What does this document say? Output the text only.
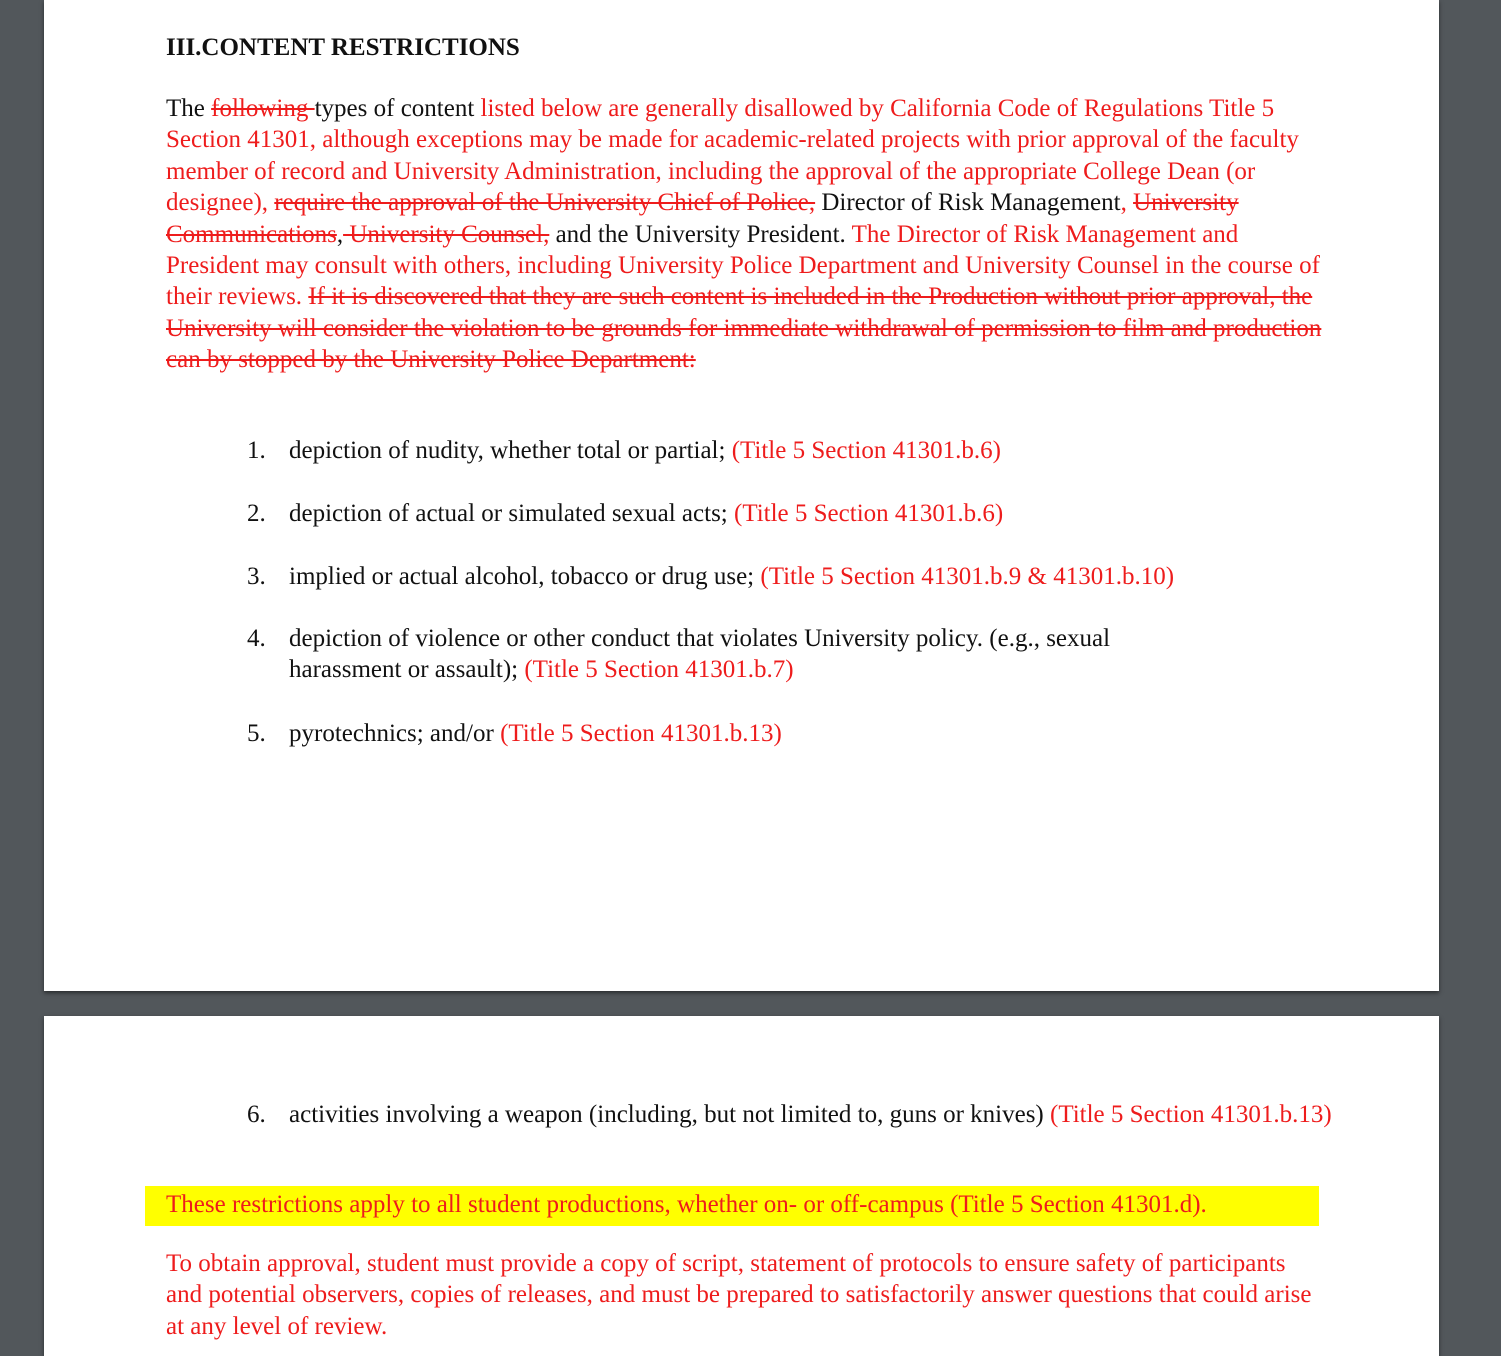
III.CONTENT RESTRICTIONS
The following types of content listed below are generally disallowed by California Code of Regulations Title 5 Section 41301, although exceptions may be made for academic-related projects with prior approval of the faculty member of record and University Administration, including the approval of the appropriate College Dean (or designee), require the approval of the University Chief of Police, Director of Risk Management, University Communications, University Counsel, and the University President. The Director of Risk Management and President may consult with others, including University Police Department and University Counsel in the course of their reviews. If it is discovered that they are such content is included in the Production without prior approval, the University will consider the violation to be grounds for immediate withdrawal of permission to film and production can by stopped by the University Police Department:
1. depiction of nudity, whether total or partial; (Title 5 Section 41301.b.6)
2. depiction of actual or simulated sexual acts; (Title 5 Section 41301.b.6)
3. implied or actual alcohol, tobacco or drug use; (Title 5 Section 41301.b.9 & 41301.b.10)
4. depiction of violence or other conduct that violates University policy. (e.g., sexual harassment or assault); (Title 5 Section 41301.b.7)
5. pyrotechnics; and/or (Title 5 Section 41301.b.13)
6. activities involving a weapon (including, but not limited to, guns or knives) (Title 5 Section 41301.b.13)
These restrictions apply to all student productions, whether on- or off-campus (Title 5 Section 41301.d).
To obtain approval, student must provide a copy of script, statement of protocols to ensure safety of participants and potential observers, copies of releases, and must be prepared to satisfactorily answer questions that could arise at any level of review.
